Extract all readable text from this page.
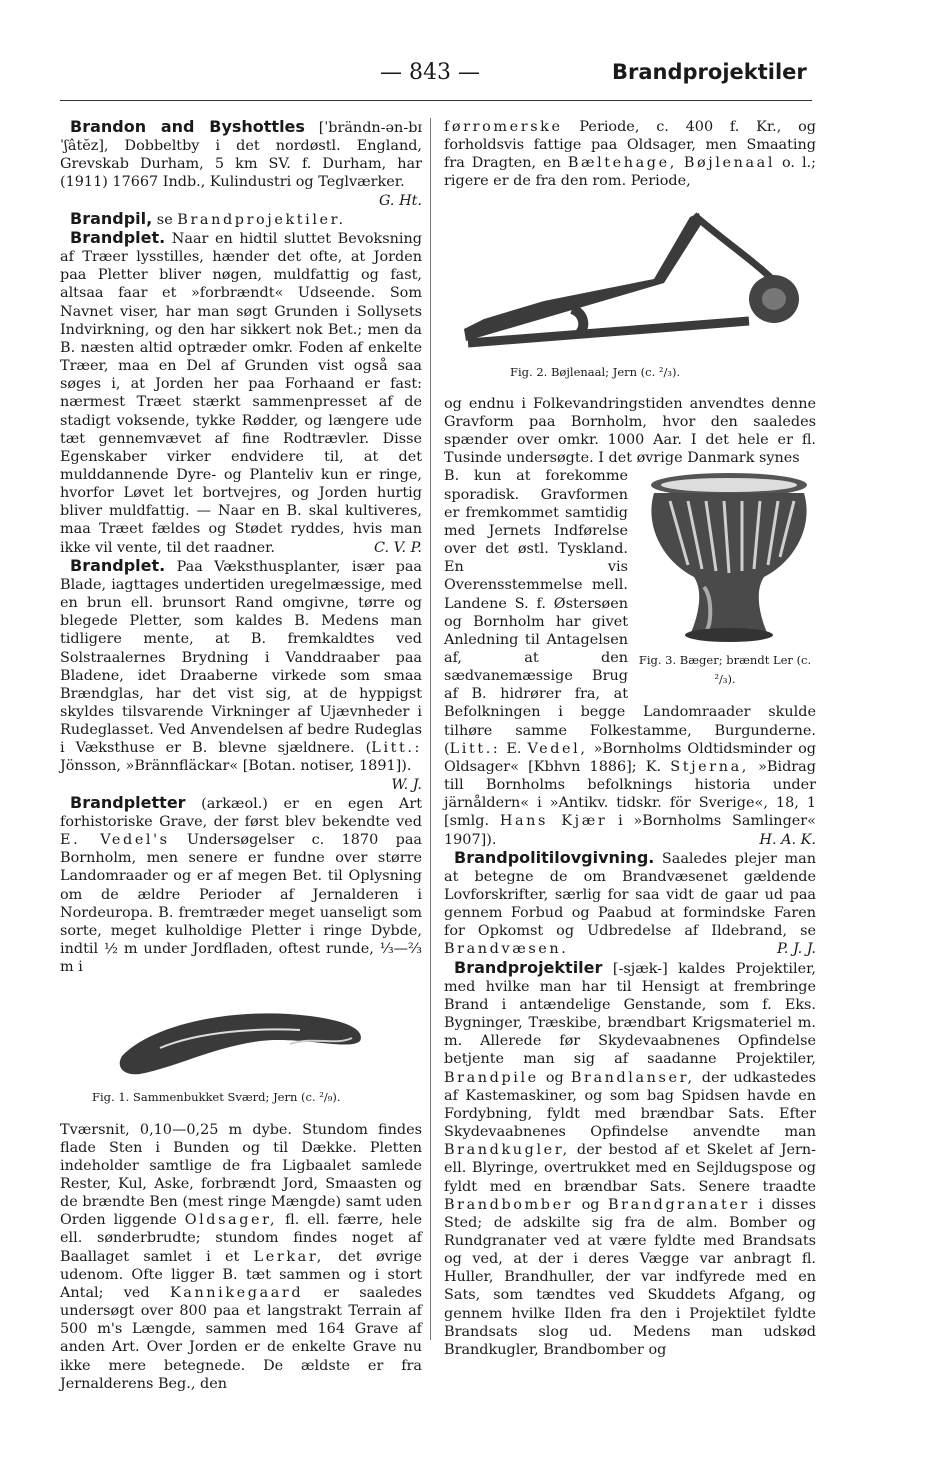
— 843 —	Brandprojektiler

Brandon and Byshottles [ˈbrändn-ən-bɪˈʃâtĕz], Dobbeltby i det nordøstl. England, Grevskab Durham, 5 km SV. f. Durham, har (1911) 17667 Indb., Kulindustri og Teglværker.
G. Ht.

Brandpil, se Brandprojektiler.

Brandplet. Naar en hidtil sluttet Bevoksning af Træer lysstilles, hænder det ofte, at Jorden paa Pletter bliver nøgen, muldfattig og fast, altsaa faar et »forbrændt« Udseende. Som Navnet viser, har man søgt Grunden i Sollysets Indvirkning, og den har sikkert nok Bet.; men da B. næsten altid optræder omkr. Foden af enkelte Træer, maa en Del af Grunden vist også saa søges i, at Jorden her paa Forhaand er fast: nærmest Træet stærkt sammenpresset af de stadigt voksende, tykke Rødder, og længere ude tæt gennemvævet af fine Rodtrævler. Disse Egenskaber virker endvidere til, at det mulddannende Dyre- og Planteliv kun er ringe, hvorfor Løvet let bortvejres, og Jorden hurtig bliver muldfattig. — Naar en B. skal kultiveres, maa Træet fældes og Stødet ryddes, hvis man ikke vil vente, til det raadner.	C. V. P.

Brandplet. Paa Væksthusplanter, især paa Blade, iagttages undertiden uregelmæssige, med en brun ell. brunsort Rand omgivne, tørre og blegede Pletter, som kaldes B. Medens man tidligere mente, at B. fremkaldtes ved Solstraalernes Brydning i Vanddraaber paa Bladene, idet Draaberne virkede som smaa Brændglas, har det vist sig, at de hyppigst skyldes tilsvarende Virkninger af Ujævnheder i Rudeglasset. Ved Anvendelsen af bedre Rudeglas i Væksthuse er B. blevne sjældnere. (Litt.: Jönsson, »Brännfläckar« [Botan. notiser, 1891]).
W. J.

Brandpletter (arkæol.) er en egen Art forhistoriske Grave, der først blev bekendte ved E. Vedel's Undersøgelser c. 1870 paa Bornholm, men senere er fundne over større Landomraader og er af megen Bet. til Oplysning om de ældre Perioder af Jernalderen i Nordeuropa. B. fremtræder meget uanseligt som sorte, meget kulholdige Pletter i ringe Dybde, indtil ½ m under Jordfladen, oftest runde, ⅓—⅔ m i

Fig. 1. Sammenbukket Sværd; Jern (c. ²/₉).

Tværsnit, 0,10—0,25 m dybe. Stundom findes flade Sten i Bunden og til Dække. Pletten indeholder samtlige de fra Ligbaalet samlede Rester, Kul, Aske, forbrændt Jord, Smaasten og de brændte Ben (mest ringe Mængde) samt uden Orden liggende Oldsager, fl. ell. færre, hele ell. sønderbrudte; stundom findes noget af Baallaget samlet i et Lerkar, det øvrige udenom. Ofte ligger B. tæt sammen og i stort Antal; ved Kannikegaard er saaledes undersøgt over 800 paa et langstrakt Terrain af 500 m's Længde, sammen med 164 Grave af anden Art. Over Jorden er de enkelte Grave nu ikke mere betegnede. De ældste er fra Jernalderens Beg., den

førromerske Periode, c. 400 f. Kr., og forholdsvis fattige paa Oldsager, men Smaating fra Dragten, en Bæltehage, Bøjlenaal o. l.; rigere er de fra den rom. Periode,

Fig. 2. Bøjlenaal; Jern (c. ²/₃).

og endnu i Folkevandringstiden anvendtes denne Gravform paa Bornholm, hvor den saaledes spænder over omkr. 1000 Aar. I det hele er fl. Tusinde undersøgte. I det øvrige Danmark synes

Fig. 3. Bæger; brændt Ler (c. ²/₃).

B. kun at forekomme sporadisk. Gravformen er fremkommet samtidig med Jernets Indførelse over det østl. Tyskland. En vis Overensstemmelse mell. Landene S. f. Østersøen og Bornholm har givet Anledning til Antagelsen af, at den sædvanemæssige Brug af B. hidrører fra, at Befolkningen i begge Landomraader skulde tilhøre samme Folkestamme, Burgunderne. (Litt.: E. Vedel, »Bornholms Oldtidsminder og Oldsager« [Kbhvn 1886]; K. Stjerna, »Bidrag till Bornholms befolknings historia under järnåldern« i »Antikv. tidskr. för Sverige«, 18, 1 [smlg. Hans Kjær i »Bornholms Samlinger« 1907]).	H. A. K.

Brandpolitilovgivning. Saaledes plejer man at betegne de om Brandvæsenet gældende Lovforskrifter, særlig for saa vidt de gaar ud paa gennem Forbud og Paabud at formindske Faren for Opkomst og Udbredelse af Ildebrand, se Brandvæsen.	P. J. J.

Brandprojektiler [-sjæk-] kaldes Projektiler, med hvilke man har til Hensigt at frembringe Brand i antændelige Genstande, som f. Eks. Bygninger, Træskibe, brændbart Krigsmateriel m. m. Allerede før Skydevaabnenes Opfindelse betjente man sig af saadanne Projektiler, Brandpile og Brandlanser, der udkastedes af Kastemaskiner, og som bag Spidsen havde en Fordybning, fyldt med brændbar Sats. Efter Skydevaabnenes Opfindelse anvendte man Brandkugler, der bestod af et Skelet af Jern- ell. Blyringe, overtrukket med en Sejldugspose og fyldt med en brændbar Sats. Senere traadte Brandbomber og Brandgranater i disses Sted; de adskilte sig fra de alm. Bomber og Rundgranater ved at være fyldte med Brandsats og ved, at der i deres Vægge var anbragt fl. Huller, Brandhuller, der var indfyrede med en Sats, som tændtes ved Skuddets Afgang, og gennem hvilke Ilden fra den i Projektilet fyldte Brandsats slog ud. Medens man udskød Brandkugler, Brandbomber og
